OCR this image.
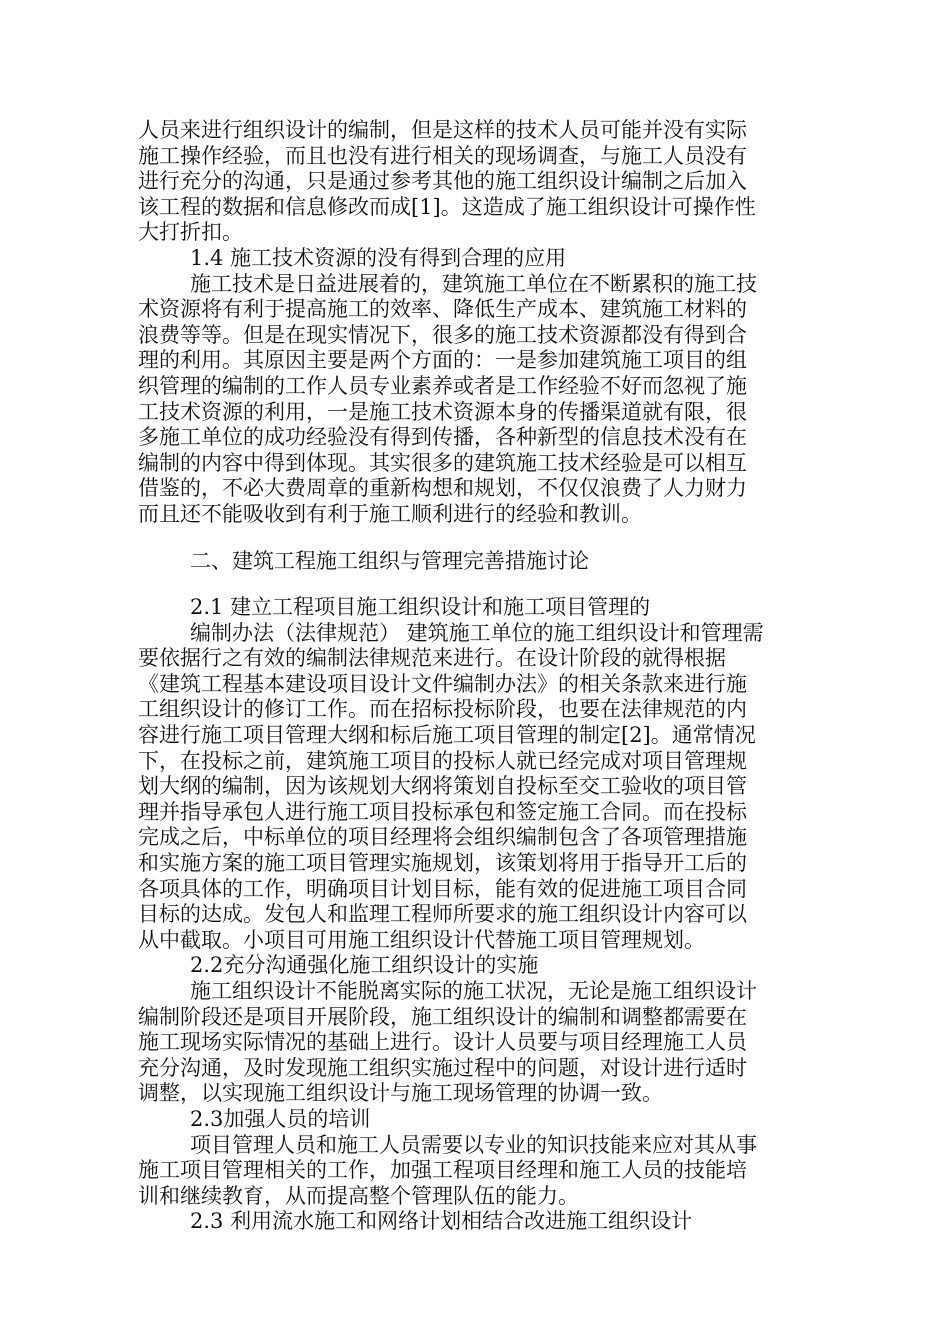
人员来进行组织设计的编制，但是这样的技术人员可能并没有实际
施工操作经验，而且也没有进行相关的现场调查，与施工人员没有
进行充分的沟通，只是通过参考其他的施工组织设计编制之后加入
该工程的数据和信息修改而成[1]。这造成了施工组织设计可操作性
大打折扣。
1.4 施工技术资源的没有得到合理的应用
施工技术是日益进展着的，建筑施工单位在不断累积的施工技
术资源将有利于提高施工的效率、降低生产成本、建筑施工材料的
浪费等等。但是在现实情况下，很多的施工技术资源都没有得到合
理的利用。其原因主要是两个方面的：一是参加建筑施工项目的组
织管理的编制的工作人员专业素养或者是工作经验不好而忽视了施
工技术资源的利用，一是施工技术资源本身的传播渠道就有限，很
多施工单位的成功经验没有得到传播，各种新型的信息技术没有在
编制的内容中得到体现。其实很多的建筑施工技术经验是可以相互
借鉴的，不必大费周章的重新构想和规划，不仅仅浪费了人力财力
而且还不能吸收到有利于施工顺利进行的经验和教训。
二、建筑工程施工组织与管理完善措施讨论
2.1 建立工程项目施工组织设计和施工项目管理的
编制办法（法律规范） 建筑施工单位的施工组织设计和管理需
要依据行之有效的编制法律规范来进行。在设计阶段的就得根据
《建筑工程基本建设项目设计文件编制办法》的相关条款来进行施
工组织设计的修订工作。而在招标投标阶段，也要在法律规范的内
容进行施工项目管理大纲和标后施工项目管理的制定[2]。通常情况
下，在投标之前，建筑施工项目的投标人就已经完成对项目管理规
划大纲的编制，因为该规划大纲将策划自投标至交工验收的项目管
理并指导承包人进行施工项目投标承包和签定施工合同。而在投标
完成之后，中标单位的项目经理将会组织编制包含了各项管理措施
和实施方案的施工项目管理实施规划，该策划将用于指导开工后的
各项具体的工作，明确项目计划目标，能有效的促进施工项目合同
目标的达成。发包人和监理工程师所要求的施工组织设计内容可以
从中截取。小项目可用施工组织设计代替施工项目管理规划。
2.2充分沟通强化施工组织设计的实施
施工组织设计不能脱离实际的施工状况，无论是施工组织设计
编制阶段还是项目开展阶段，施工组织设计的编制和调整都需要在
施工现场实际情况的基础上进行。设计人员要与项目经理施工人员
充分沟通，及时发现施工组织实施过程中的问题，对设计进行适时
调整，以实现施工组织设计与施工现场管理的协调一致。
2.3加强人员的培训
项目管理人员和施工人员需要以专业的知识技能来应对其从事
施工项目管理相关的工作，加强工程项目经理和施工人员的技能培
训和继续教育，从而提高整个管理队伍的能力。
2.3 利用流水施工和网络计划相结合改进施工组织设计
